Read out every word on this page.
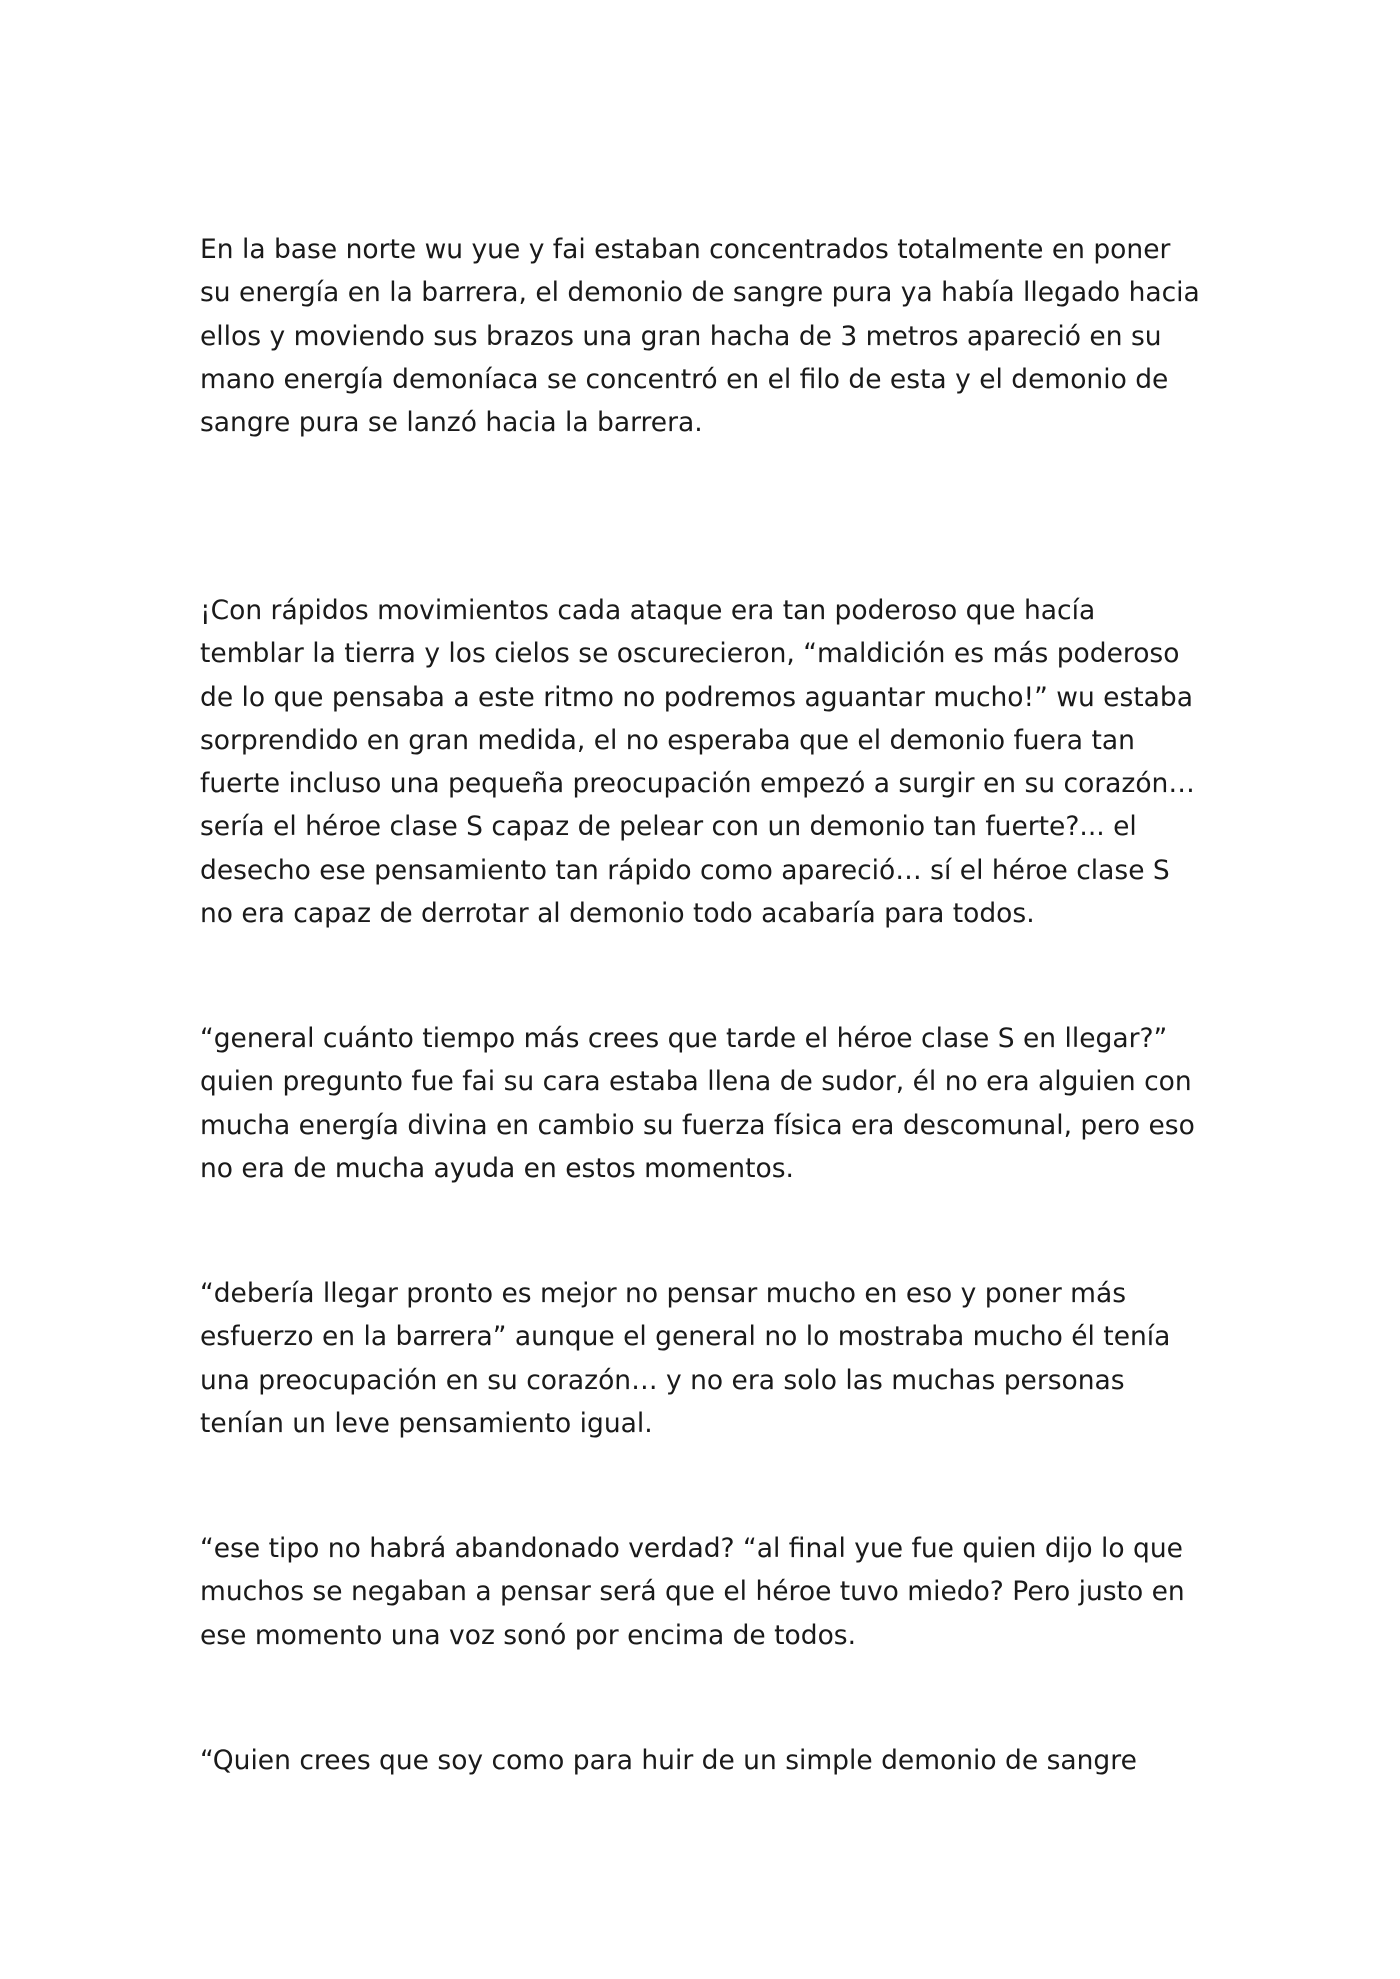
En la base norte wu yue y fai estaban concentrados totalmente en poner
su energía en la barrera, el demonio de sangre pura ya había llegado hacia
ellos y moviendo sus brazos una gran hacha de 3 metros apareció en su
mano energía demoníaca se concentró en el filo de esta y el demonio de
sangre pura se lanzó hacia la barrera.

¡Con rápidos movimientos cada ataque era tan poderoso que hacía
temblar la tierra y los cielos se oscurecieron, “maldición es más poderoso
de lo que pensaba a este ritmo no podremos aguantar mucho!” wu estaba
sorprendido en gran medida, el no esperaba que el demonio fuera tan
fuerte incluso una pequeña preocupación empezó a surgir en su corazón…
sería el héroe clase S capaz de pelear con un demonio tan fuerte?... el
desecho ese pensamiento tan rápido como apareció… sí el héroe clase S
no era capaz de derrotar al demonio todo acabaría para todos.

“general cuánto tiempo más crees que tarde el héroe clase S en llegar?”
quien pregunto fue fai su cara estaba llena de sudor, él no era alguien con
mucha energía divina en cambio su fuerza física era descomunal, pero eso
no era de mucha ayuda en estos momentos.

“debería llegar pronto es mejor no pensar mucho en eso y poner más
esfuerzo en la barrera” aunque el general no lo mostraba mucho él tenía
una preocupación en su corazón… y no era solo las muchas personas
tenían un leve pensamiento igual.

“ese tipo no habrá abandonado verdad? “al final yue fue quien dijo lo que
muchos se negaban a pensar será que el héroe tuvo miedo? Pero justo en
ese momento una voz sonó por encima de todos.

“Quien crees que soy como para huir de un simple demonio de sangre
